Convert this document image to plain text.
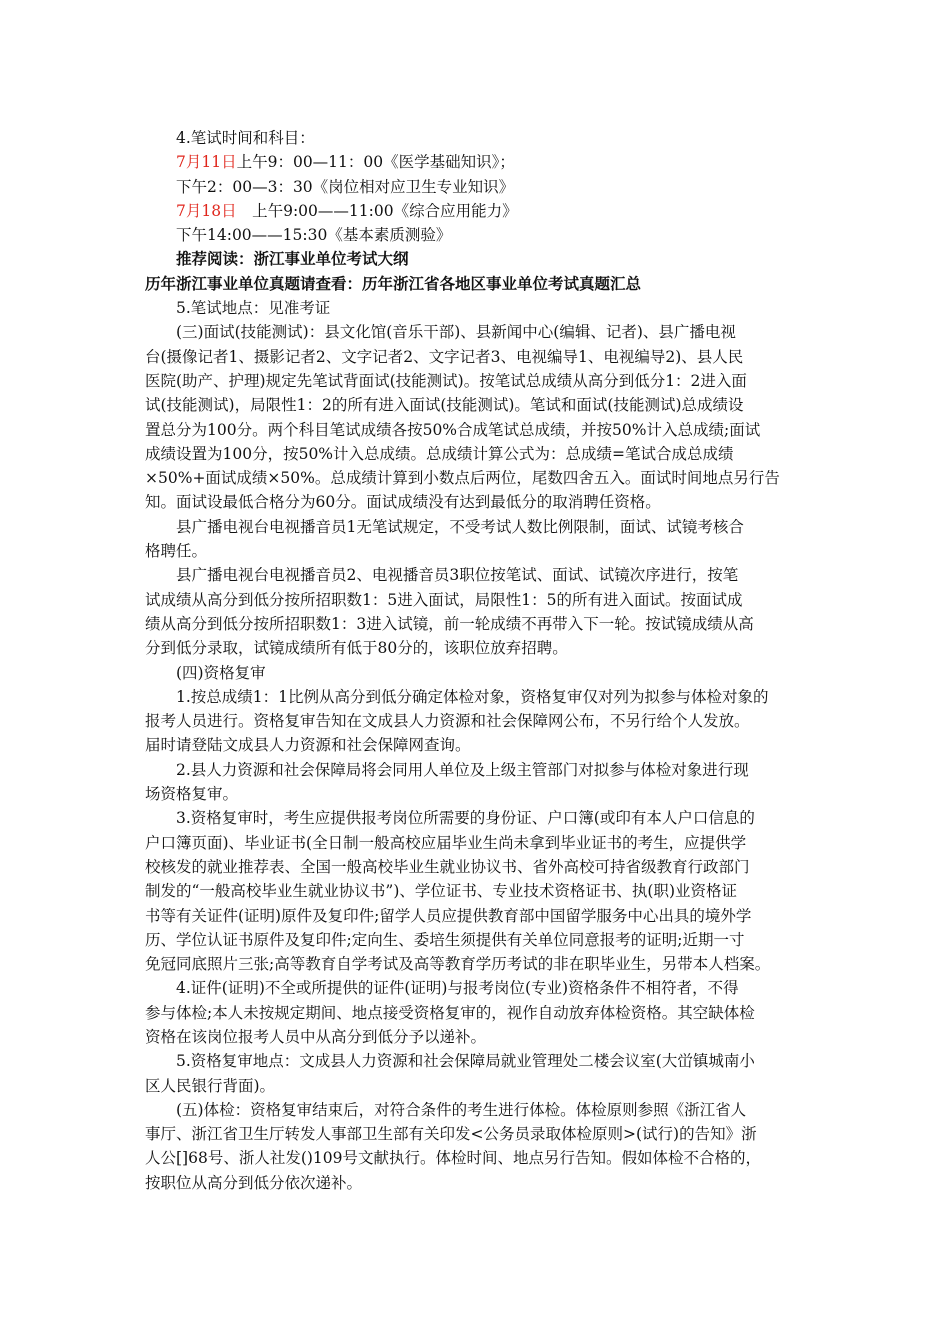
4.笔试时间和科目：
7月11日上午9：00—11：00《医学基础知识》；
下午2：00—3：30《岗位相对应卫生专业知识》
7月18日　上午9:00——11:00《综合应用能力》
下午14:00——15:30《基本素质测验》
推荐阅读：浙江事业单位考试大纲
历年浙江事业单位真题请查看：历年浙江省各地区事业单位考试真题汇总
5.笔试地点：见准考证
(三)面试(技能测试)：县文化馆(音乐干部)、县新闻中心(编辑、记者)、县广播电视
台(摄像记者1、摄影记者2、文字记者2、文字记者3、电视编导1、电视编导2)、县人民
医院(助产、护理)规定先笔试背面试(技能测试)。按笔试总成绩从高分到低分1：2进入面
试(技能测试)，局限性1：2的所有进入面试(技能测试)。笔试和面试(技能测试)总成绩设
置总分为100分。两个科目笔试成绩各按50%合成笔试总成绩，并按50%计入总成绩;面试
成绩设置为100分，按50%计入总成绩。总成绩计算公式为：总成绩=笔试合成总成绩
×50%+面试成绩×50%。总成绩计算到小数点后两位，尾数四舍五入。面试时间地点另行告
知。面试设最低合格分为60分。面试成绩没有达到最低分的取消聘任资格。
县广播电视台电视播音员1无笔试规定，不受考试人数比例限制，面试、试镜考核合
格聘任。
县广播电视台电视播音员2、电视播音员3职位按笔试、面试、试镜次序进行，按笔
试成绩从高分到低分按所招职数1：5进入面试，局限性1：5的所有进入面试。按面试成
绩从高分到低分按所招职数1：3进入试镜，前一轮成绩不再带入下一轮。按试镜成绩从高
分到低分录取，试镜成绩所有低于80分的，该职位放弃招聘。
(四)资格复审
1.按总成绩1：1比例从高分到低分确定体检对象，资格复审仅对列为拟参与体检对象的
报考人员进行。资格复审告知在文成县人力资源和社会保障网公布，不另行给个人发放。
届时请登陆文成县人力资源和社会保障网查询。
2.县人力资源和社会保障局将会同用人单位及上级主管部门对拟参与体检对象进行现
场资格复审。
3.资格复审时，考生应提供报考岗位所需要的身份证、户口簿(或印有本人户口信息的
户口簿页面)、毕业证书(全日制一般高校应届毕业生尚未拿到毕业证书的考生，应提供学
校核发的就业推荐表、全国一般高校毕业生就业协议书、省外高校可持省级教育行政部门
制发的“一般高校毕业生就业协议书”)、学位证书、专业技术资格证书、执(职)业资格证
书等有关证件(证明)原件及复印件;留学人员应提供教育部中国留学服务中心出具的境外学
历、学位认证书原件及复印件;定向生、委培生须提供有关单位同意报考的证明;近期一寸
免冠同底照片三张;高等教育自学考试及高等教育学历考试的非在职毕业生，另带本人档案。
4.证件(证明)不全或所提供的证件(证明)与报考岗位(专业)资格条件不相符者，不得
参与体检;本人未按规定期间、地点接受资格复审的，视作自动放弃体检资格。其空缺体检
资格在该岗位报考人员中从高分到低分予以递补。
5.资格复审地点：文成县人力资源和社会保障局就业管理处二楼会议室(大峃镇城南小
区人民银行背面)。
(五)体检：资格复审结束后，对符合条件的考生进行体检。体检原则参照《浙江省人
事厅、浙江省卫生厅转发人事部卫生部有关印发<公务员录取体检原则>(试行)的告知》浙
人公[]68号、浙人社发()109号文献执行。体检时间、地点另行告知。假如体检不合格的，
按职位从高分到低分依次递补。
